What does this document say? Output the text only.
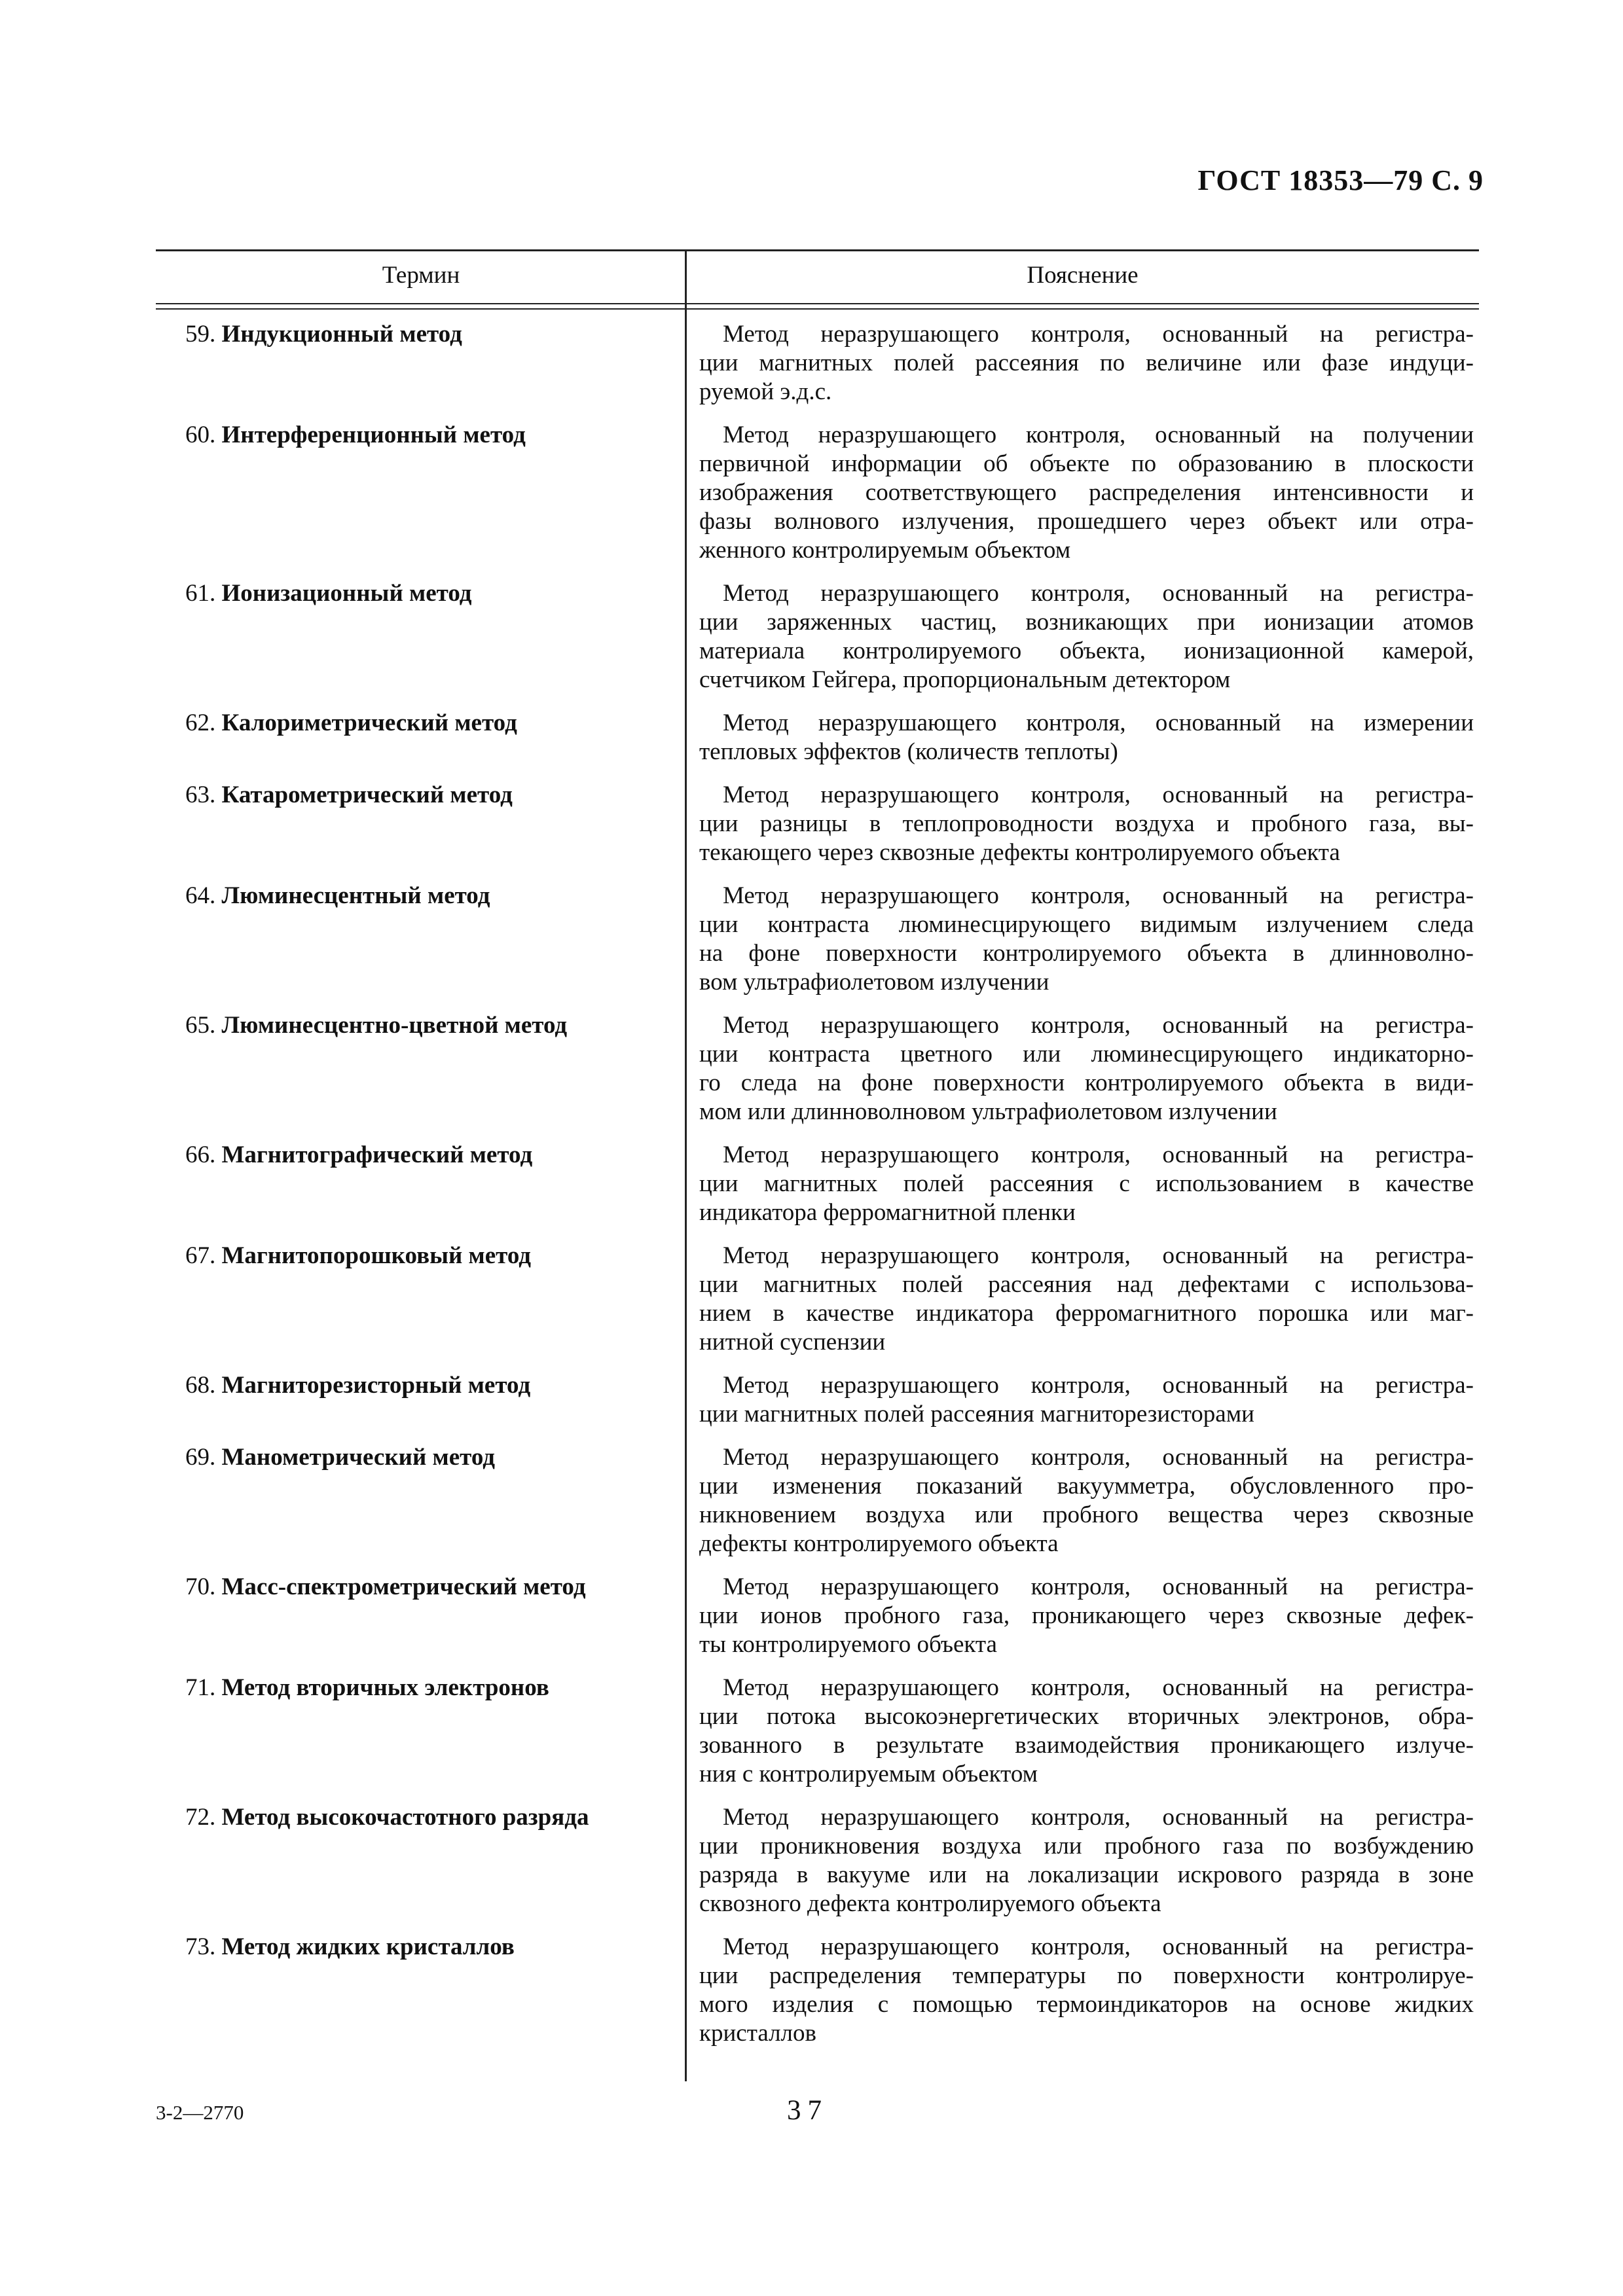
ГОСТ 18353—79 С. 9
Термин	Пояснение
59. Индукционный метод	Метод неразрушающего контроля, основанный на регистра-
ции магнитных полей рассеяния по величине или фазе индуци-
руемой э.д.с.
60. Интерференционный метод	Метод неразрушающего контроля, основанный на получении
первичной информации об объекте по образованию в плоскости
изображения соответствующего распределения интенсивности и
фазы волнового излучения, прошедшего через объект или отра-
женного контролируемым объектом
61. Ионизационный метод	Метод неразрушающего контроля, основанный на регистра-
ции заряженных частиц, возникающих при ионизации атомов
материала контролируемого объекта, ионизационной камерой,
счетчиком Гейгера, пропорциональным детектором
62. Калориметрический метод	Метод неразрушающего контроля, основанный на измерении
тепловых эффектов (количеств теплоты)
63. Катарометрический метод	Метод неразрушающего контроля, основанный на регистра-
ции разницы в теплопроводности воздуха и пробного газа, вы-
текающего через сквозные дефекты контролируемого объекта
64. Люминесцентный метод	Метод неразрушающего контроля, основанный на регистра-
ции контраста люминесцирующего видимым излучением следа
на фоне поверхности контролируемого объекта в длинноволно-
вом ультрафиолетовом излучении
65. Люминесцентно-цветной метод	Метод неразрушающего контроля, основанный на регистра-
ции контраста цветного или люминесцирующего индикаторно-
го следа на фоне поверхности контролируемого объекта в види-
мом или длинноволновом ультрафиолетовом излучении
66. Магнитографический метод	Метод неразрушающего контроля, основанный на регистра-
ции магнитных полей рассеяния с использованием в качестве
индикатора ферромагнитной пленки
67. Магнитопорошковый метод	Метод неразрушающего контроля, основанный на регистра-
ции магнитных полей рассеяния над дефектами с использова-
нием в качестве индикатора ферромагнитного порошка или маг-
нитной суспензии
68. Магниторезисторный метод	Метод неразрушающего контроля, основанный на регистра-
ции магнитных полей рассеяния магниторезисторами
69. Манометрический метод	Метод неразрушающего контроля, основанный на регистра-
ции изменения показаний вакуумметра, обусловленного про-
никновением воздуха или пробного вещества через сквозные
дефекты контролируемого объекта
70. Масс-спектрометрический метод	Метод неразрушающего контроля, основанный на регистра-
ции ионов пробного газа, проникающего через сквозные дефек-
ты контролируемого объекта
71. Метод вторичных электронов	Метод неразрушающего контроля, основанный на регистра-
ции потока высокоэнергетических вторичных электронов, обра-
зованного в результате взаимодействия проникающего излуче-
ния с контролируемым объектом
72. Метод высокочастотного разряда	Метод неразрушающего контроля, основанный на регистра-
ции проникновения воздуха или пробного газа по возбуждению
разряда в вакууме или на локализации искрового разряда в зоне
сквозного дефекта контролируемого объекта
73. Метод жидких кристаллов	Метод неразрушающего контроля, основанный на регистра-
ции распределения температуры по поверхности контролируе-
мого изделия с помощью термоиндикаторов на основе жидких
кристаллов
3-2—2770	37
